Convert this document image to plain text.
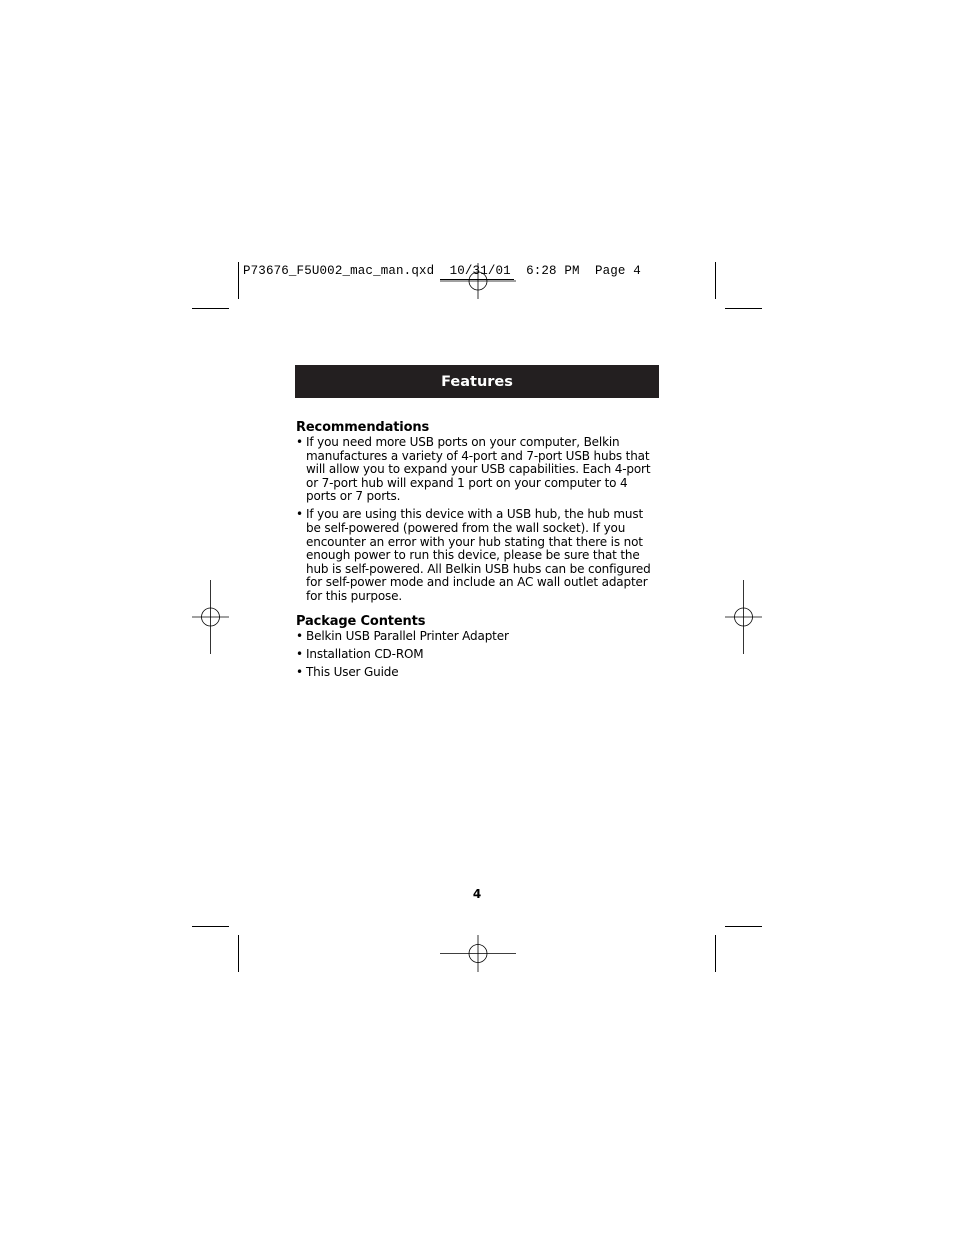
P73676_F5U002_mac_man.qxd  10/31/01  6:28 PM  Page 4
Features
Recommendations
• If you need more USB ports on your computer, Belkin manufactures a variety of 4-port and 7-port USB hubs that will allow you to expand your USB capabilities. Each 4-port or 7-port hub will expand 1 port on your computer to 4 ports or 7 ports.
• If you are using this device with a USB hub, the hub must be self-powered (powered from the wall socket). If you encounter an error with your hub stating that there is not enough power to run this device, please be sure that the hub is self-powered. All Belkin USB hubs can be configured for self-power mode and include an AC wall outlet adapter for this purpose.
Package Contents
• Belkin USB Parallel Printer Adapter
• Installation CD-ROM
• This User Guide
4
